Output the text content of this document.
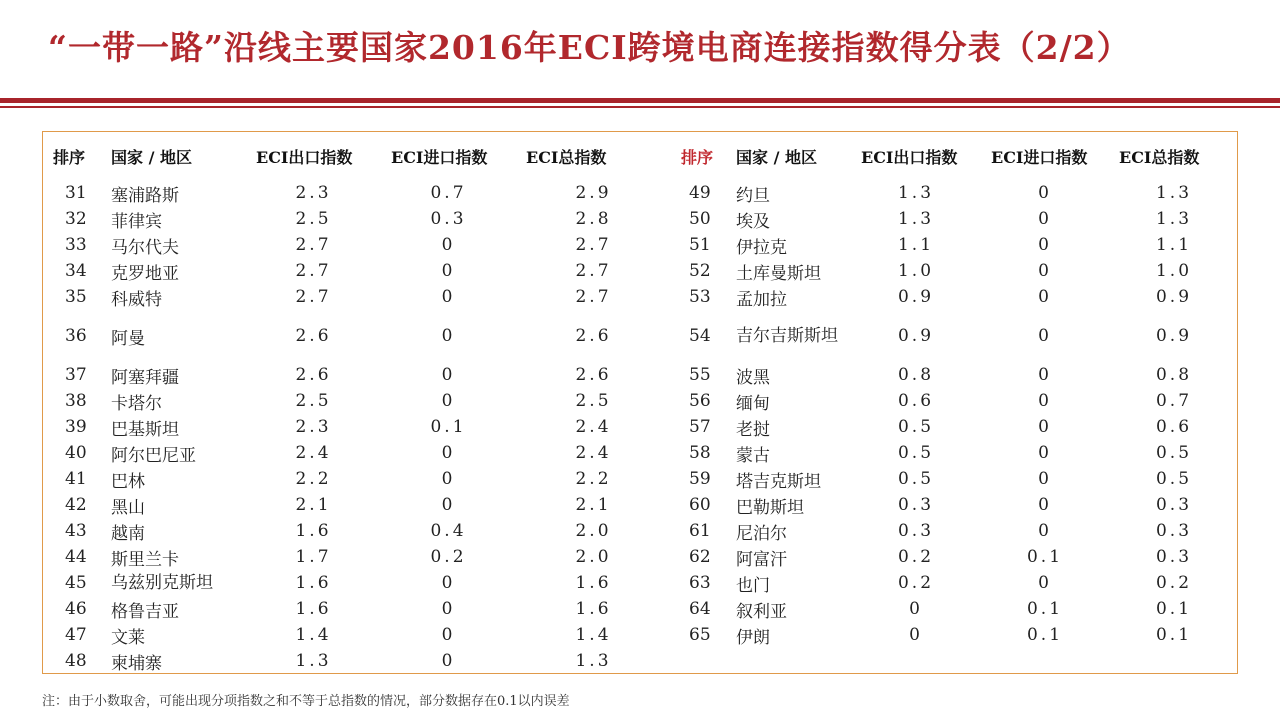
“一带一路”沿线主要国家2016年ECI跨境电商连接指数得分表（2/2）
排序	国家 / 地区	ECI出口指数	ECI进口指数	ECI总指数	排序	国家 / 地区	ECI出口指数	ECI进口指数	ECI总指数
31	塞浦路斯	2.3	0.7	2.9	49	约旦	1.3	0	1.3
32	菲律宾	2.5	0.3	2.8	50	埃及	1.3	0	1.3
33	马尔代夫	2.7	0	2.7	51	伊拉克	1.1	0	1.1
34	克罗地亚	2.7	0	2.7	52	土库曼斯坦	1.0	0	1.0
35	科威特	2.7	0	2.7	53	孟加拉	0.9	0	0.9
36	阿曼	2.6	0	2.6	54	吉尔吉斯斯坦	0.9	0	0.9
37	阿塞拜疆	2.6	0	2.6	55	波黑	0.8	0	0.8
38	卡塔尔	2.5	0	2.5	56	缅甸	0.6	0	0.7
39	巴基斯坦	2.3	0.1	2.4	57	老挝	0.5	0	0.6
40	阿尔巴尼亚	2.4	0	2.4	58	蒙古	0.5	0	0.5
41	巴林	2.2	0	2.2	59	塔吉克斯坦	0.5	0	0.5
42	黑山	2.1	0	2.1	60	巴勒斯坦	0.3	0	0.3
43	越南	1.6	0.4	2.0	61	尼泊尔	0.3	0	0.3
44	斯里兰卡	1.7	0.2	2.0	62	阿富汗	0.2	0.1	0.3
45	乌兹别克斯坦	1.6	0	1.6	63	也门	0.2	0	0.2
46	格鲁吉亚	1.6	0	1.6	64	叙利亚	0	0.1	0.1
47	文莱	1.4	0	1.4	65	伊朗	0	0.1	0.1
48	柬埔寨	1.3	0	1.3					
注：由于小数取舍，可能出现分项指数之和不等于总指数的情况，部分数据存在0.1以内误差
